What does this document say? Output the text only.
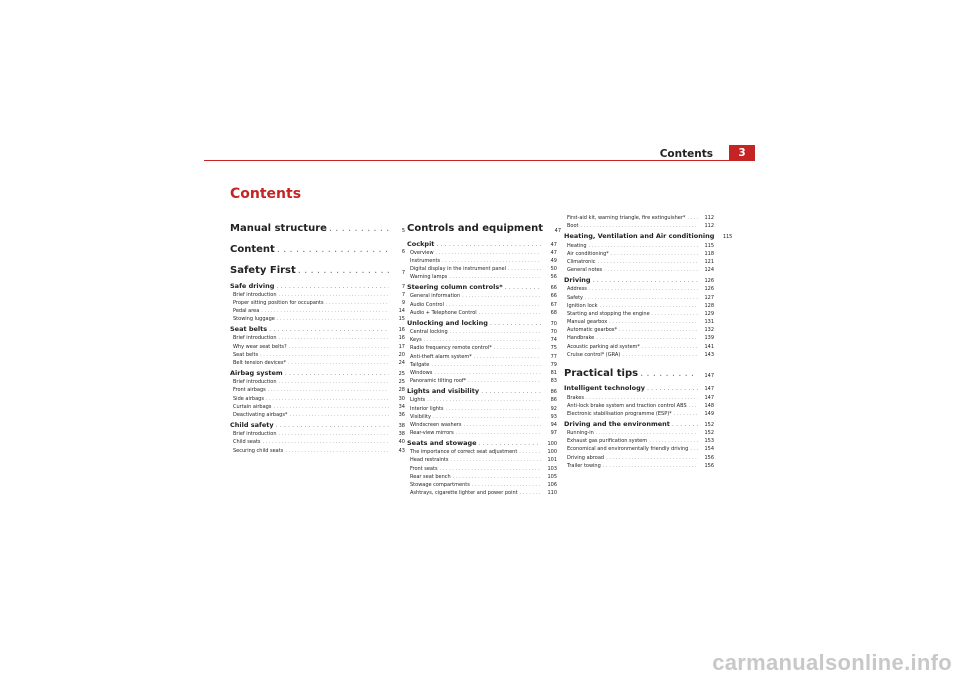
Contents	3
Contents
Manual structure . . .	5
Content . . .	6
Safety First . . .	7
Safe driving . . .	7
Brief introduction . . .	7
Proper sitting position for occupants . . .	9
Pedal area . . .	14
Stowing luggage . . .	15
Seat belts . . .	16
Brief introduction . . .	16
Why wear seat belts? . . .	17
Seat belts . . .	20
Belt tension devices* . . .	24
Airbag system . . .	25
Brief introduction . . .	25
Front airbags . . .	28
Side airbags . . .	30
Curtain airbags . . .	34
Deactivating airbags* . . .	36
Child safety . . .	38
Brief introduction . . .	38
Child seats . . .	40
Securing child seats . . .	43
Controls and equipment	47
Cockpit . . .	47
Overview . . .	47
Instruments . . .	49
Digital display in the instrument panel . . .	50
Warning lamps . . .	56
Steering column controls* . . .	66
General information . . .	66
Audio Control . . .	67
Audio + Telephone Control . . .	68
Unlocking and locking . . .	70
Central locking . . .	70
Keys . . .	74
Radio frequency remote control* . . .	75
Anti-theft alarm system* . . .	77
Tailgate . . .	79
Windows . . .	81
Panoramic tilting roof* . . .	83
Lights and visibility . . .	86
Lights . . .	86
Interior lights . . .	92
Visibility . . .	93
Windscreen washers . . .	94
Rear-view mirrors . . .	97
Seats and stowage . . .	100
The importance of correct seat adjustment . . .	100
Head restraints . . .	101
Front seats . . .	103
Rear seat bench . . .	105
Stowage compartments . . .	106
Ashtrays, cigarette lighter and power point . . .	110
First-aid kit, warning triangle, fire extinguisher* . . .	112
Boot . . .	112
Heating, Ventilation and Air conditioning	115
Heating . . .	115
Air conditioning* . . .	118
Climatronic . . .	121
General notes . . .	124
Driving . . .	126
Address . . .	126
Safety . . .	127
Ignition lock . . .	128
Starting and stopping the engine . . .	129
Manual gearbox . . .	131
Automatic gearbox* . . .	132
Handbrake . . .	139
Acoustic parking aid system* . . .	141
Cruise control* (GRA) . . .	143
Practical tips . . .	147
Intelligent technology . . .	147
Brakes . . .	147
Anti-lock brake system and traction control ABS . . .	148
Electronic stabilisation programme (ESP)* . . .	149
Driving and the environment . . .	152
Running-in . . .	152
Exhaust gas purification system . . .	153
Economical and environmentally friendly driving . . .	154
Driving abroad . . .	156
Trailer towing . . .	156
carmanualsonline.info
